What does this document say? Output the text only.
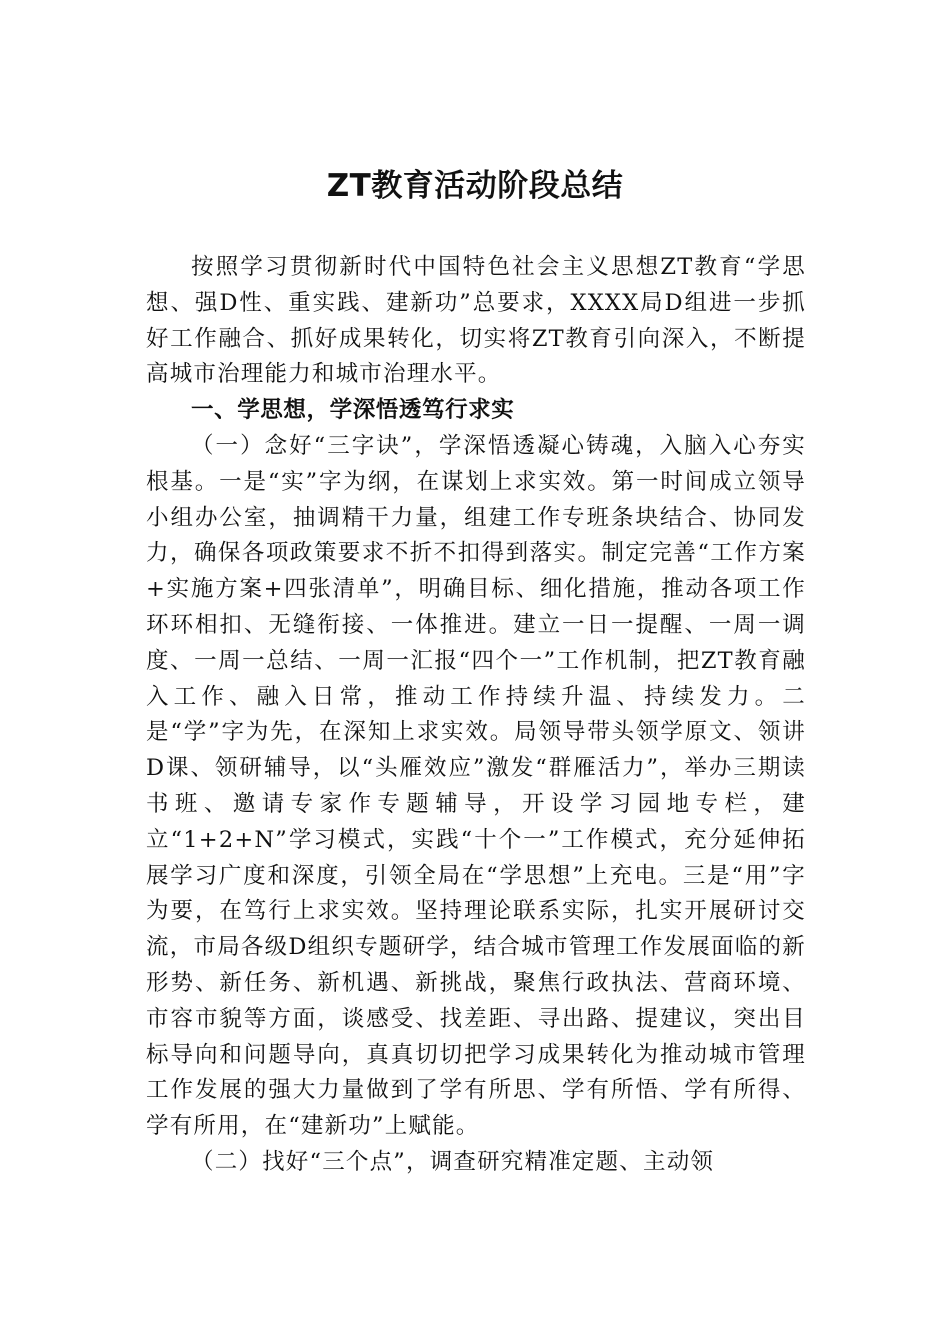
ZT教育活动阶段总结

按照学习贯彻新时代中国特色社会主义思想ZT教育“学思想、强D性、重实践、建新功”总要求，XXXX局D组进一步抓好工作融合、抓好成果转化，切实将ZT教育引向深入，不断提高城市治理能力和城市治理水平。

一、学思想，学深悟透笃行求实

（一）念好“三字诀”，学深悟透凝心铸魂，入脑入心夯实根基。一是“实”字为纲，在谋划上求实效。第一时间成立领导小组办公室，抽调精干力量，组建工作专班条块结合、协同发力，确保各项政策要求不折不扣得到落实。制定完善“工作方案+实施方案+四张清单”，明确目标、细化措施，推动各项工作环环相扣、无缝衔接、一体推进。建立一日一提醒、一周一调度、一周一总结、一周一汇报“四个一”工作机制，把ZT教育融入工作、融入日常，推动工作持续升温、持续发力。二是“学”字为先，在深知上求实效。局领导带头领学原文、领讲D课、领研辅导，以“头雁效应”激发“群雁活力”，举办三期读书班、邀请专家作专题辅导，开设学习园地专栏，建立“1+2+N”学习模式，实践“十个一”工作模式，充分延伸拓展学习广度和深度，引领全局在“学思想”上充电。三是“用”字为要，在笃行上求实效。坚持理论联系实际，扎实开展研讨交流，市局各级D组织专题研学，结合城市管理工作发展面临的新形势、新任务、新机遇、新挑战，聚焦行政执法、营商环境、市容市貌等方面，谈感受、找差距、寻出路、提建议，突出目标导向和问题导向，真真切切把学习成果转化为推动城市管理工作发展的强大力量做到了学有所思、学有所悟、学有所得、学有所用，在“建新功”上赋能。

（二）找好“三个点”，调查研究精准定题、主动领
